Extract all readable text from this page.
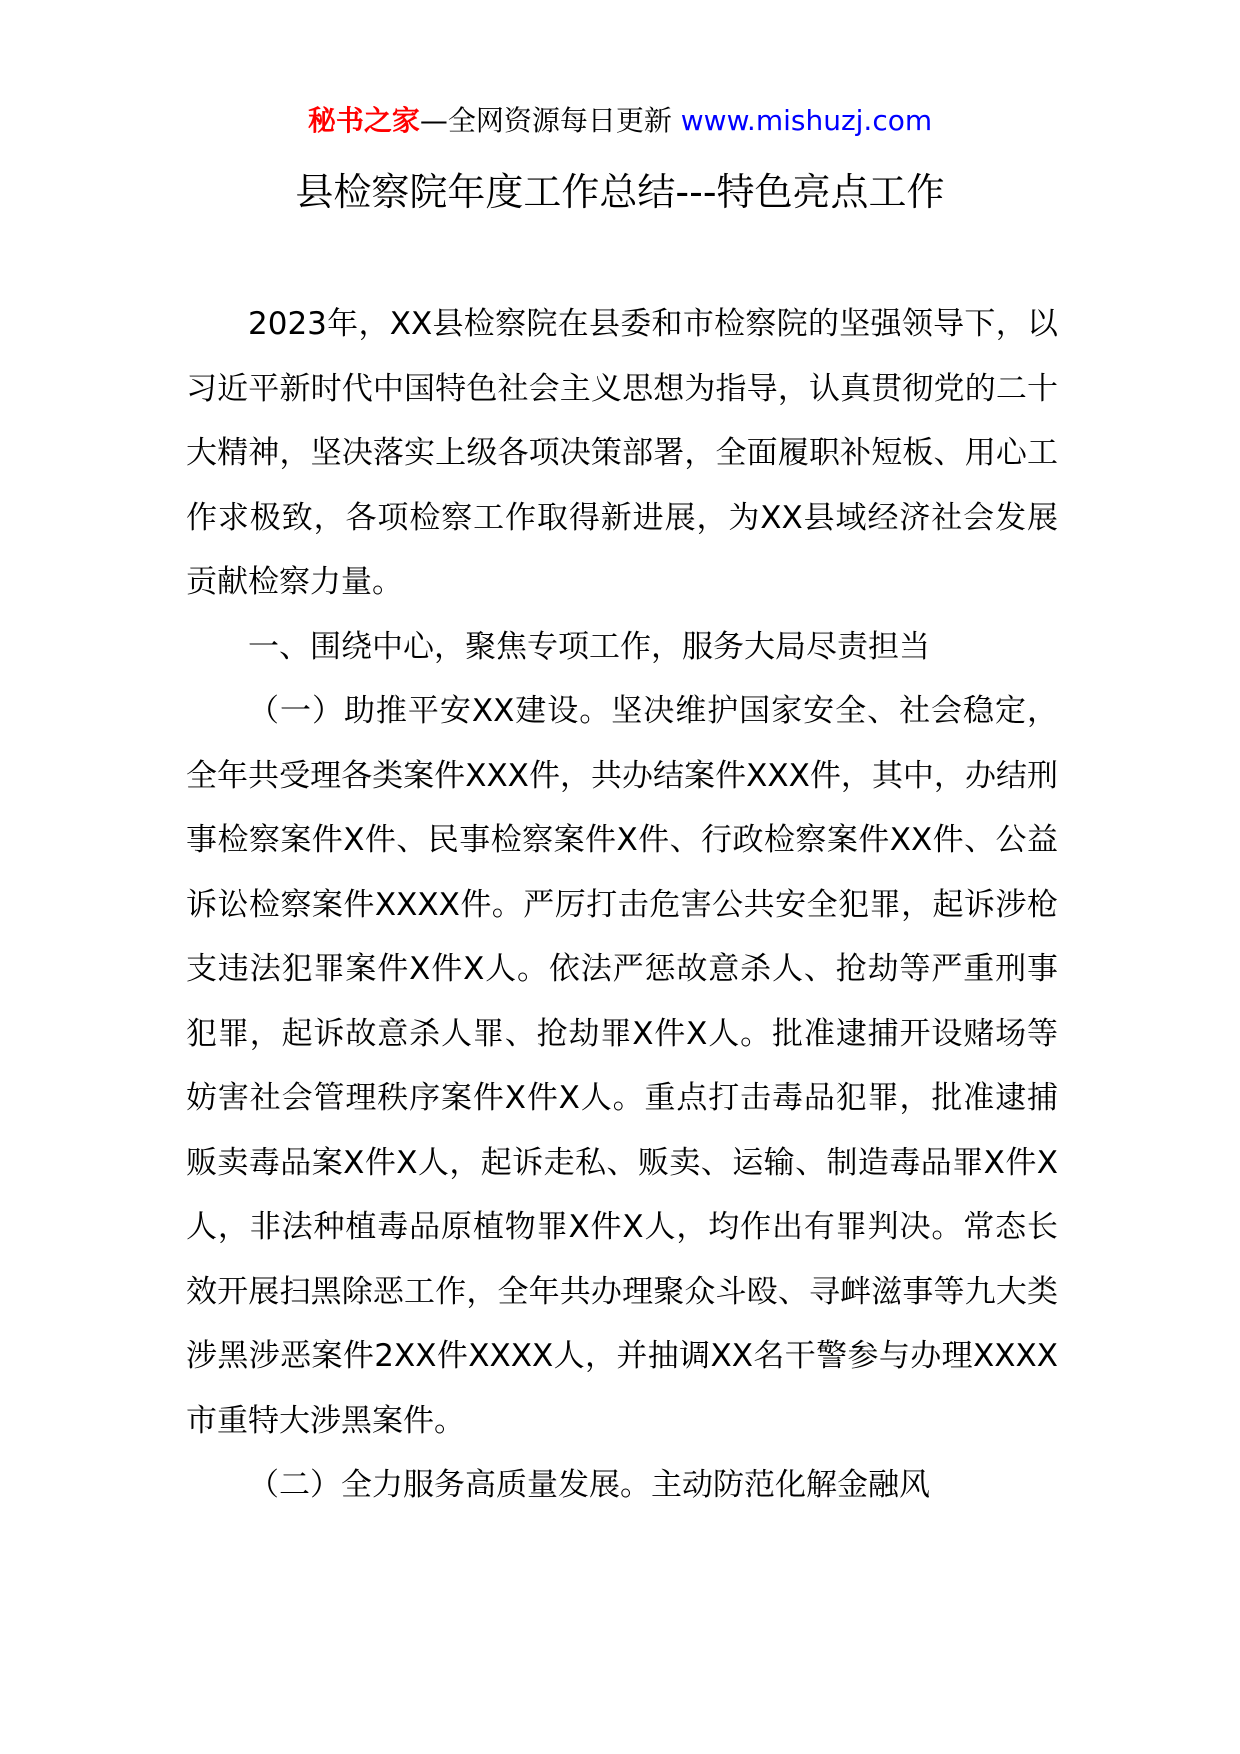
秘书之家—全网资源每日更新 www.mishuzj.com
县检察院年度工作总结---特色亮点工作

2023年，XX县检察院在县委和市检察院的坚强领导下，以习近平新时代中国特色社会主义思想为指导，认真贯彻党的二十大精神，坚决落实上级各项决策部署，全面履职补短板、用心工作求极致，各项检察工作取得新进展，为XX县域经济社会发展贡献检察力量。

一、围绕中心，聚焦专项工作，服务大局尽责担当

（一）助推平安XX建设。坚决维护国家安全、社会稳定，全年共受理各类案件XXX件，共办结案件XXX件，其中，办结刑事检察案件X件、民事检察案件X件、行政检察案件XX件、公益诉讼检察案件XXXX件。严厉打击危害公共安全犯罪，起诉涉枪支违法犯罪案件X件X人。依法严惩故意杀人、抢劫等严重刑事犯罪，起诉故意杀人罪、抢劫罪X件X人。批准逮捕开设赌场等妨害社会管理秩序案件X件X人。重点打击毒品犯罪，批准逮捕贩卖毒品案X件X人，起诉走私、贩卖、运输、制造毒品罪X件X人，非法种植毒品原植物罪X件X人，均作出有罪判决。常态长效开展扫黑除恶工作，全年共办理聚众斗殴、寻衅滋事等九大类涉黑涉恶案件2XX件XXXX人，并抽调XX名干警参与办理XXXX市重特大涉黑案件。

（二）全力服务高质量发展。主动防范化解金融风
